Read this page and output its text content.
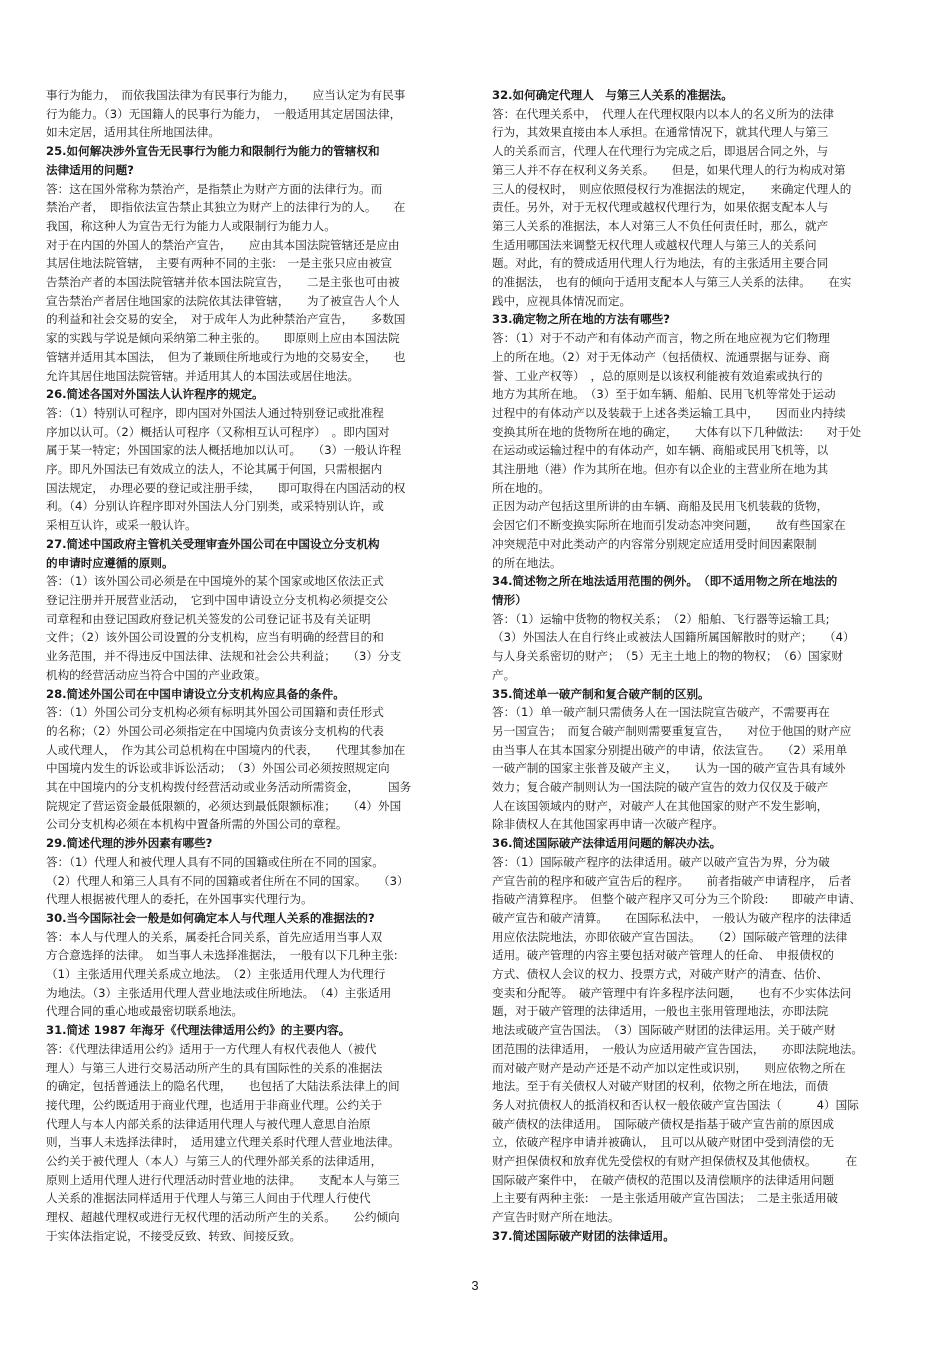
事行为能力，　而依我国法律为有民事行为能力，　　应当认定为有民事
行为能力。（3）无国籍人的民事行为能力，　一般适用其定居国法律，
如未定居，适用其住所地国法律。

25.如何解决涉外宣告无民事行为能力和限制行为能力的管辖权和
法律适用的问题?

答：这在国外常称为禁治产，是指禁止为财产方面的法律行为。而
禁治产者，　即指依法宣告禁止其独立为财产上的法律行为的人。　　在
我国，称这种人为宣告无行为能力人或限制行为能力人。
对于在内国的外国人的禁治产宣告，　　应由其本国法院管辖还是应由
其居住地法院管辖，　主要有两种不同的主张:　一是主张只应由被宣
告禁治产者的本国法院管辖并依本国法院宣告，　　二是主张也可由被
宣告禁治产者居住地国家的法院依其法律管辖，　　为了被宣告人个人
的利益和社会交易的安全，　对于成年人为此种禁治产宣告，　　多数国
家的实践与学说是倾向采纳第二种主张的。　　即原则上应由本国法院
管辖并适用其本国法，　但为了兼顾住所地或行为地的交易安全，　　也
允许其居住地国法院管辖。并适用其人的本国法或居住地法。

26.简述各国对外国法人认许程序的规定。

答：（1）特别认可程序，即内国对外国法人通过特别登记或批准程
序加以认可。（2）概括认可程序（又称相互认可程序）　。即内国对
属于某一特定；外国国家的法人概括地加以认可。　　（3）一般认许程
序。即凡外国法已有效成立的法人，不论其属于何国，只需根据内
国法规定，　办理必要的登记或注册手续，　　即可取得在内国活动的权
利。（4）分别认许程序即对外国法人分门别类，或采特别认许，或
采相互认许，或采一般认许。

27.简述中国政府主管机关受理审查外国公司在中国设立分支机构
的申请时应遵循的原则。

答：（1）该外国公司必须是在中国境外的某个国家或地区依法正式
登记注册并开展营业活动，　它到中国申请设立分支机构必须提交公
司章程和由登记国政府登记机关签发的公司登记证书及有关证明
文件；（2）该外国公司设置的分支机构，应当有明确的经营目的和
业务范围，并不得违反中国法律、法规和社会公共利益；　　（3）分支
机构的经营活动应当符合中国的产业政策。

28.简述外国公司在中国申请设立分支机构应具备的条件。

答：（1）外国公司分支机构必须有标明其外国公司国籍和责任形式
的名称；（2）外国公司必须指定在中国境内负责该分支机构的代表
人或代理人，　作为其公司总机构在中国境内的代表，　　代理其参加在
中国境内发生的诉讼或非诉讼活动；　（3）外国公司必须按照规定向
其在中国境内的分支机构拨付经营活动或业务活动所需资金，　　　国务
院规定了营运资金最低限额的，必须达到最低限额标准；　　（4）外国
公司分支机构必须在本机构中置备所需的外国公司的章程。

29.简述代理的涉外因素有哪些?

答：（1）代理人和被代理人具有不同的国籍或住所在不同的国家。
（2）代理人和第三人具有不同的国籍或者住所在不同的国家。　　（3）
代理人根据被代理人的委托，在外国事实代理行为。

30.当今国际社会一般是如何确定本人与代理人关系的准据法的?

答：本人与代理人的关系，属委托合同关系，首先应适用当事人双
方合意选择的法律。　如当事人未选择准据法，　一般有以下几种主张:
（1）主张适用代理关系成立地法。　（2）主张适用代理人为代理行
为地法。（3）主张适用代理人营业地法或住所地法。　（4）主张适用
代理合同的重心地或最密切联系地法。

31.简述 1987 年海牙《代理法律适用公约》的主要内容。

答：《代理法律适用公约》适用于一方代理人有权代表他人（被代
理人）与第三人进行交易活动所产生的具有国际性的关系的准据法
的确定，包括普通法上的隐名代理，　　也包括了大陆法系法律上的间
接代理，公约既适用于商业代理，也适用于非商业代理。公约关于
代理人与本人内部关系的法律适用代理人与被代理人意思自治原
则，当事人未选择法律时，　适用建立代理关系时代理人营业地法律。
公约关于被代理人（本人）与第三人的代理外部关系的法律适用，
原则上适用代理人进行代理活动时营业地的法律。　　支配本人与第三
人关系的准据法同样适用于代理人与第三人间由于代理人行使代
理权、超越代理权或进行无权代理的活动所产生的关系。　　公约倾向
于实体法指定说，不接受反致、转致、间接反致。

32.如何确定代理人　与第三人关系的准据法。

答：在代理关系中，　代理人在代理权限内以本人的名义所为的法律
行为，其效果直接由本人承担。在通常情况下，就其代理人与第三
人的关系而言，代理人在代理行为完成之后，即退居合同之外，与
第三人并不存在权利义务关系。　　但是，如果代理人的行为构成对第
三人的侵权时，　则应依照侵权行为准据法的规定，　　来确定代理人的
责任。另外，对于无权代理或越权代理行为，如果依据支配本人与
第三人关系的准据法，本人对第三人不负任何责任时，那么，就产
生适用哪国法来调整无权代理人或越权代理人与第三人的关系问
题。对此，有的赞成适用代理人行为地法，有的主张适用主要合同
的准据法，　也有的倾向于适用支配本人与第三人关系的法律。　　在实
践中，应视具体情况而定。

33.确定物之所在地的方法有哪些?

答：（1）对于不动产和有体动产而言，物之所在地应视为它们物理
上的所在地。（2）对于无体动产（包括债权、流通票据与证券、商
誉、工业产权等）　，总的原则是以该权利能被有效追索或执行的
地方为其所在地。　（3）至于如车辆、船舶、民用飞机等常处于运动
过程中的有体动产以及装载于上述各类运输工具中，　　因而业内持续
变换其所在地的货物所在地的确定，　　大体有以下几种做法:　　对于处
在运动或运输过程中的有体动产，如车辆、商船或民用飞机等，以
其注册地（港）作为其所在地。但亦有以企业的主营业所在地为其
所在地的。
正因为动产包括这里所讲的由车辆、商船及民用飞机装载的货物，
会因它们不断变换实际所在地而引发动态冲突问题，　　故有些国家在
冲突规范中对此类动产的内容常分别规定应适用受时间因素限制
的所在地法。

34.简述物之所在地法适用范围的例外。　（即不适用物之所在地法的
情形）

答：（1）运输中货物的物权关系；　（2）船舶、飞行器等运输工具;
（3）外国法人在自行终止或被法人国籍所属国解散时的财产；　　（4）
与人身关系密切的财产；　（5）无主土地上的物的物权；　（6）国家财
产。

35.简述单一破产制和复合破产制的区别。

答：（1）单一破产制只需债务人在一国法院宣告破产，不需要再在
另一国宣告；　而复合破产制则需要重复宣告，　　对位于他国的财产应
由当事人在其本国家分别提出破产的申请，依法宣告。　　（2）采用单
一破产制的国家主张普及破产主义，　　认为一国的破产宣告具有域外
效力；复合破产制则认为一国法院的破产宣告的效力仅仅及于破产
人在该国领域内的财产，对破产人在其他国家的财产不发生影响，
除非债权人在其他国家再申请一次破产程序。

36.简述国际破产法律适用问题的解决办法。

答：（1）国际破产程序的法律适用。破产以破产宣告为界，分为破
产宣告前的程序和破产宣告后的程序。　　前者指破产申请程序，　后者
指破产清算程序。　但整个破产程序又可分为三个阶段:　　即破产申请、
破产宣告和破产清算。　　在国际私法中，　一般认为破产程序的法律适
用应依法院地法，亦即依破产宣告国法。　　（2）国际破产管理的法律
适用。破产管理的内容主要包括对破产管理人的任命、　申报债权的
方式、债权人会议的权力、投票方式，对破产财产的清查、估价、
变卖和分配等。　破产管理中有许多程序法问题，　　也有不少实体法问
题，对于破产管理的法律适用，一般也主张用管理地法，亦即法院
地法或破产宣告国法。　（3）国际破产财团的法律运用。关于破产财
团范围的法律适用，　一般认为应适用破产宣告国法，　　亦即法院地法。
而对破产财产是动产还是不动产加以定性或识别，　　则应依物之所在
地法。至于有关债权人对破产财团的权利，依物之所在地法，而债
务人对抗债权人的抵消权和否认权一般依破产宣告国法（　　　4）国际
破产债权的法律适用。　国际破产债权是指基于破产宣告前的原因成
立，依破产程序申请并被确认，　且可以从破产财团中受到清偿的无
财产担保债权和放弃优先受偿权的有财产担保债权及其他债权。　　　在
国际破产案件中，　在破产债权的范围以及清偿顺序的法律适用问题
上主要有两种主张:　一是主张适用破产宣告国法；　二是主张适用破
产宣告时财产所在地法。

37.简述国际破产财团的法律适用。

3
